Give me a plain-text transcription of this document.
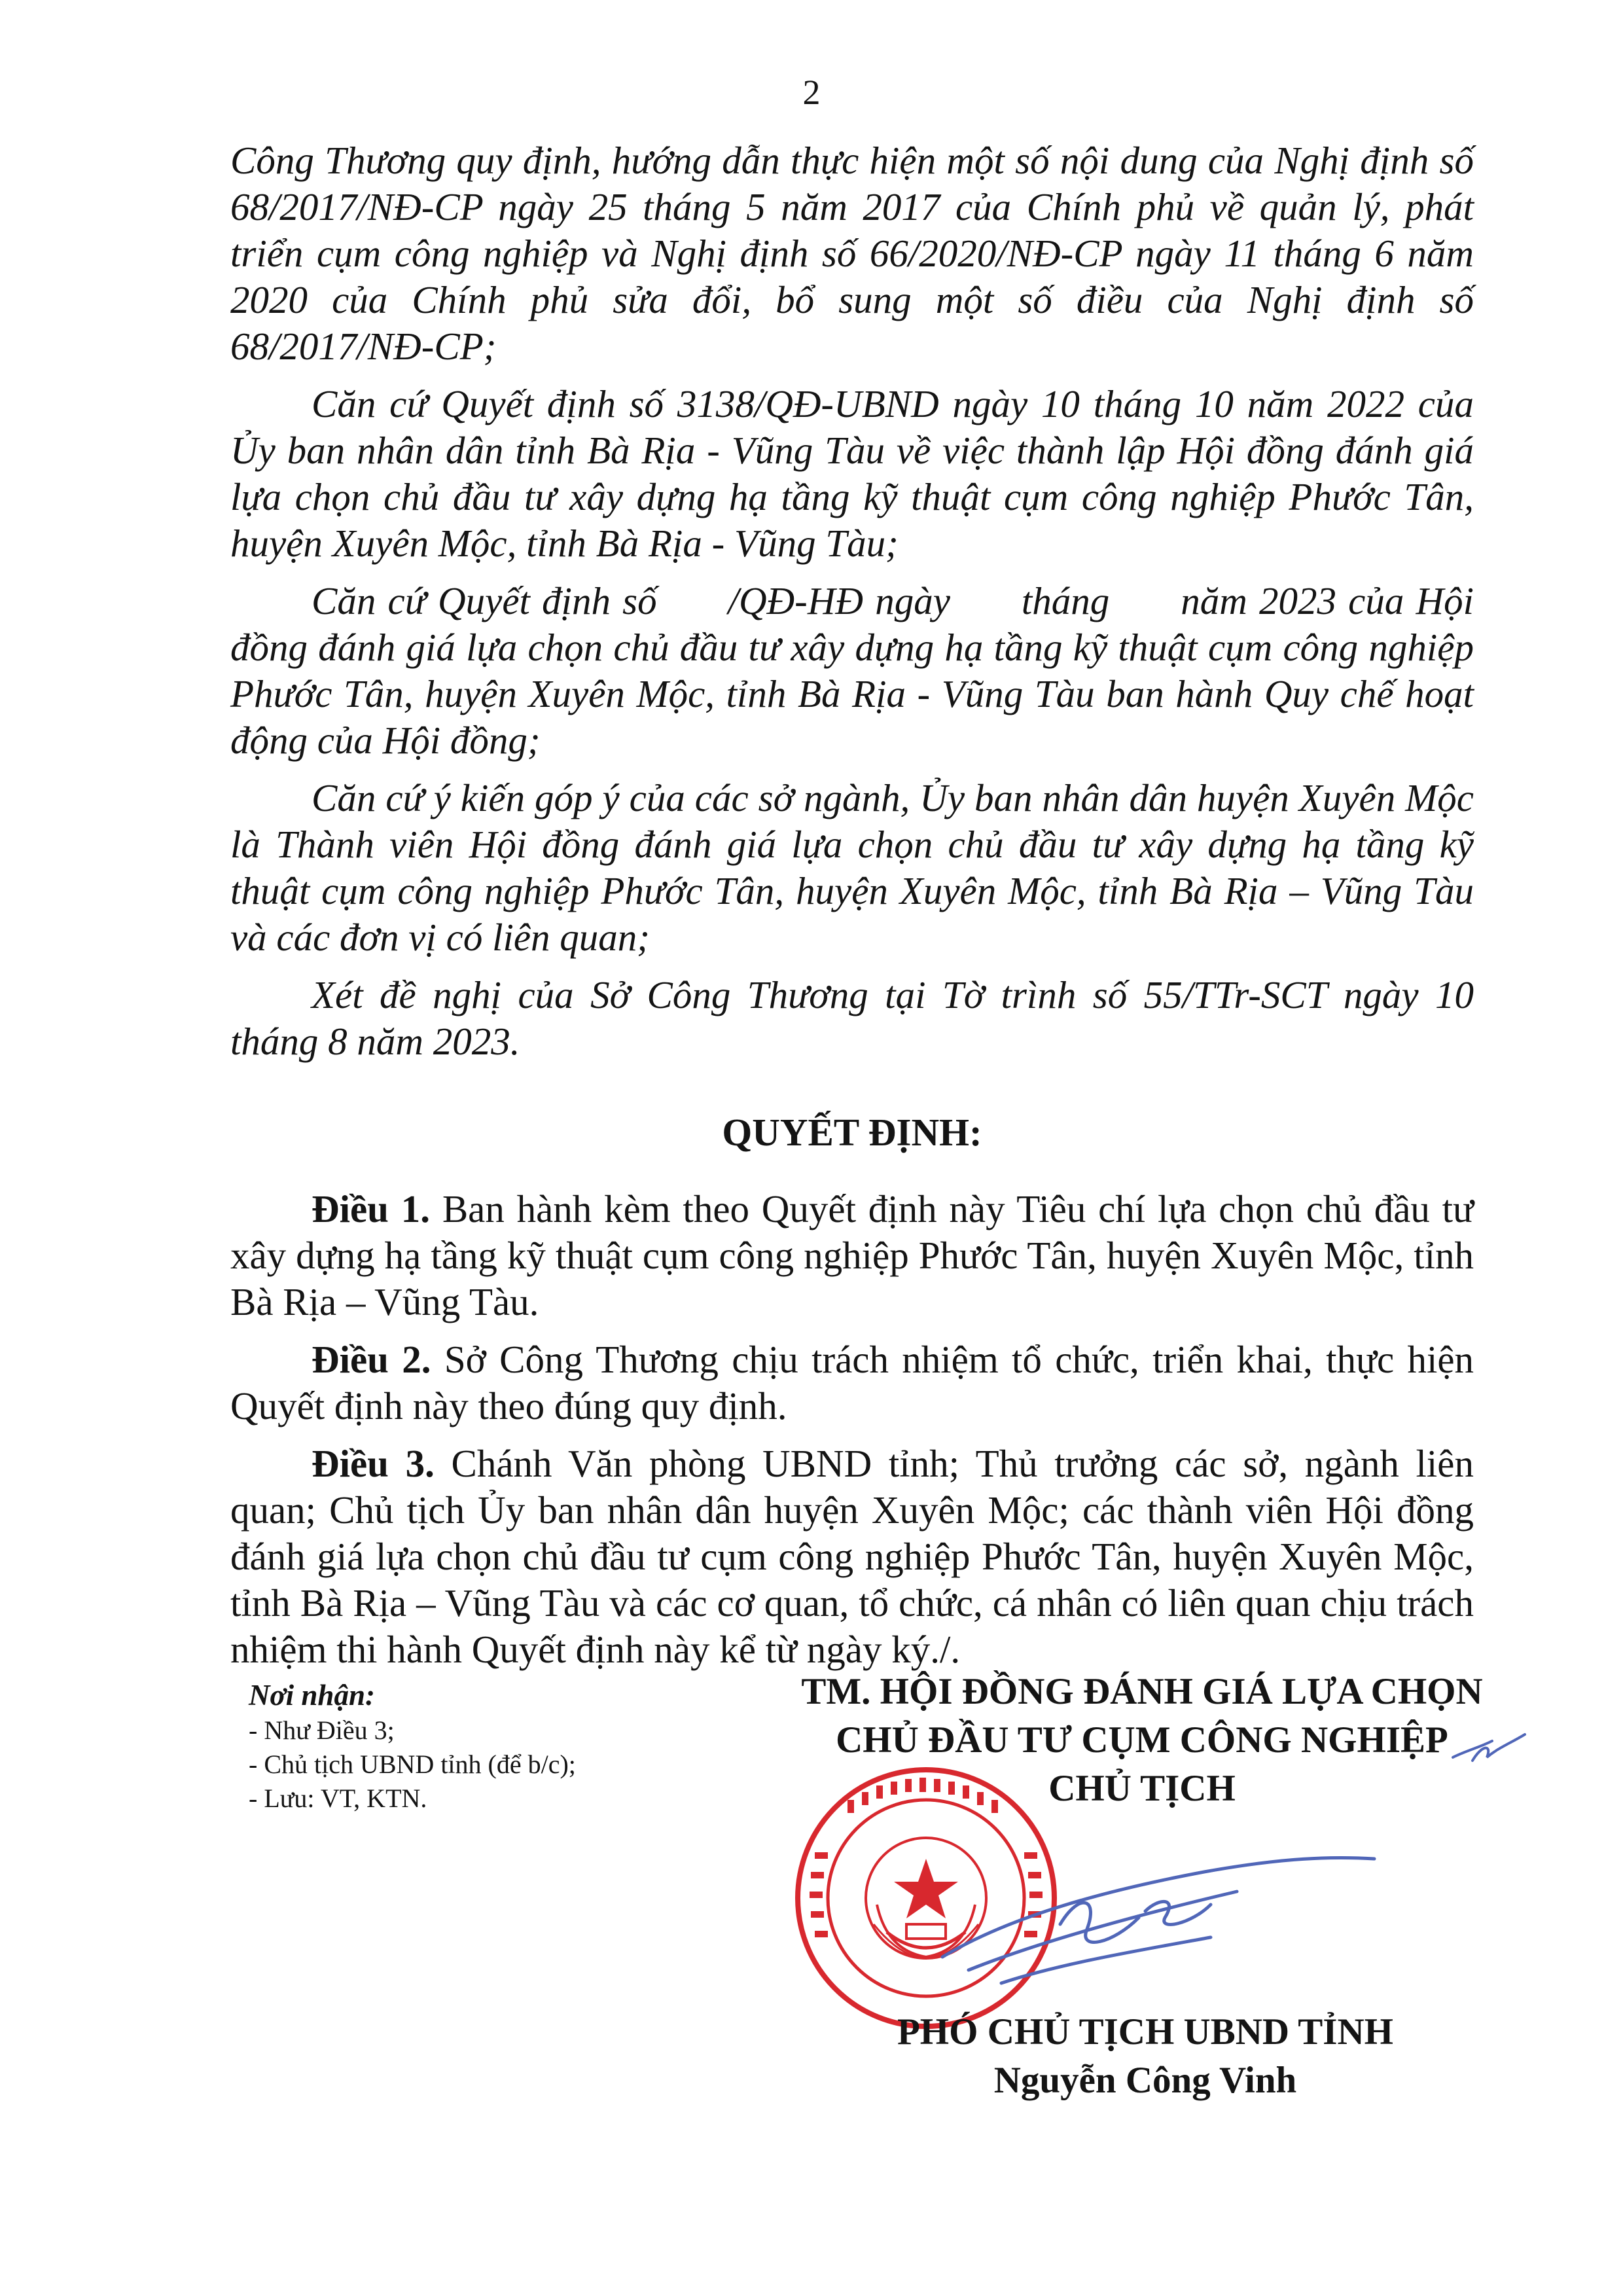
2

Công Thương quy định, hướng dẫn thực hiện một số nội dung của Nghị định số 68/2017/NĐ-CP ngày 25 tháng 5 năm 2017 của Chính phủ về quản lý, phát triển cụm công nghiệp và Nghị định số 66/2020/NĐ-CP ngày 11 tháng 6 năm 2020 của Chính phủ sửa đổi, bổ sung một số điều của Nghị định số 68/2017/NĐ-CP;

Căn cứ Quyết định số 3138/QĐ-UBND ngày 10 tháng 10 năm 2022 của Ủy ban nhân dân tỉnh Bà Rịa - Vũng Tàu về việc thành lập Hội đồng đánh giá lựa chọn chủ đầu tư xây dựng hạ tầng kỹ thuật cụm công nghiệp Phước Tân, huyện Xuyên Mộc, tỉnh Bà Rịa - Vũng Tàu;

Căn cứ Quyết định số      /QĐ-HĐ ngày      tháng      năm 2023 của Hội đồng đánh giá lựa chọn chủ đầu tư xây dựng hạ tầng kỹ thuật cụm công nghiệp Phước Tân, huyện Xuyên Mộc, tỉnh Bà Rịa - Vũng Tàu ban hành Quy chế hoạt động của Hội đồng;

Căn cứ ý kiến góp ý của các sở ngành, Ủy ban nhân dân huyện Xuyên Mộc là Thành viên Hội đồng đánh giá lựa chọn chủ đầu tư xây dựng hạ tầng kỹ thuật cụm công nghiệp Phước Tân, huyện Xuyên Mộc, tỉnh Bà Rịa – Vũng Tàu và các đơn vị có liên quan;

Xét đề nghị của Sở Công Thương tại Tờ trình số 55/TTr-SCT ngày 10 tháng 8 năm 2023.

QUYẾT ĐỊNH:

Điều 1. Ban hành kèm theo Quyết định này Tiêu chí lựa chọn chủ đầu tư xây dựng hạ tầng kỹ thuật cụm công nghiệp Phước Tân, huyện Xuyên Mộc, tỉnh Bà Rịa – Vũng Tàu.

Điều 2. Sở Công Thương chịu trách nhiệm tổ chức, triển khai, thực hiện Quyết định này theo đúng quy định.

Điều 3. Chánh Văn phòng UBND tỉnh; Thủ trưởng các sở, ngành liên quan; Chủ tịch Ủy ban nhân dân huyện Xuyên Mộc; các thành viên Hội đồng đánh giá lựa chọn chủ đầu tư cụm công nghiệp Phước Tân, huyện Xuyên Mộc, tỉnh Bà Rịa – Vũng Tàu và các cơ quan, tổ chức, cá nhân có liên quan chịu trách nhiệm thi hành Quyết định này kể từ ngày ký./.

Nơi nhận:
- Như Điều 3;
- Chủ tịch UBND tỉnh (để b/c);
- Lưu: VT, KTN.
TM. HỘI ĐỒNG ĐÁNH GIÁ LỰA CHỌN
CHỦ ĐẦU TƯ CỤM CÔNG NGHIỆP
CHỦ TỊCH
PHÓ CHỦ TỊCH UBND TỈNH
Nguyễn Công Vinh
